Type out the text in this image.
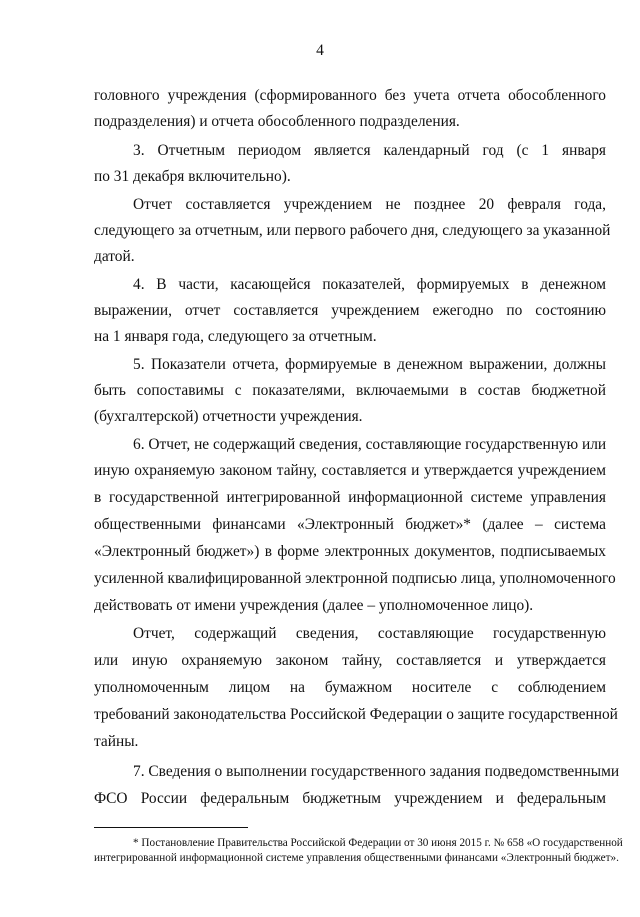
4
головного учреждения (сформированного без учета отчета обособленного
подразделения) и отчета обособленного подразделения.
3. Отчетным периодом является календарный год (с 1 января
по 31 декабря включительно).
Отчет составляется учреждением не позднее 20 февраля года,
следующего за отчетным, или первого рабочего дня, следующего за указанной
датой.
4. В части, касающейся показателей, формируемых в денежном
выражении, отчет составляется учреждением ежегодно по состоянию
на 1 января года, следующего за отчетным.
5. Показатели отчета, формируемые в денежном выражении, должны
быть сопоставимы с показателями, включаемыми в состав бюджетной
(бухгалтерской) отчетности учреждения.
6. Отчет, не содержащий сведения, составляющие государственную или
иную охраняемую законом тайну, составляется и утверждается учреждением
в государственной интегрированной информационной системе управления
общественными финансами «Электронный бюджет»* (далее – система
«Электронный бюджет») в форме электронных документов, подписываемых
усиленной квалифицированной электронной подписью лица, уполномоченного
действовать от имени учреждения (далее – уполномоченное лицо).
Отчет, содержащий сведения, составляющие государственную
или иную охраняемую законом тайну, составляется и утверждается
уполномоченным лицом на бумажном носителе с соблюдением
требований законодательства Российской Федерации о защите государственной
тайны.
7. Сведения о выполнении государственного задания подведомственными
ФСО России федеральным бюджетным учреждением и федеральным
* Постановление Правительства Российской Федерации от 30 июня 2015 г. № 658 «О государственной
интегрированной информационной системе управления общественными финансами «Электронный бюджет».
